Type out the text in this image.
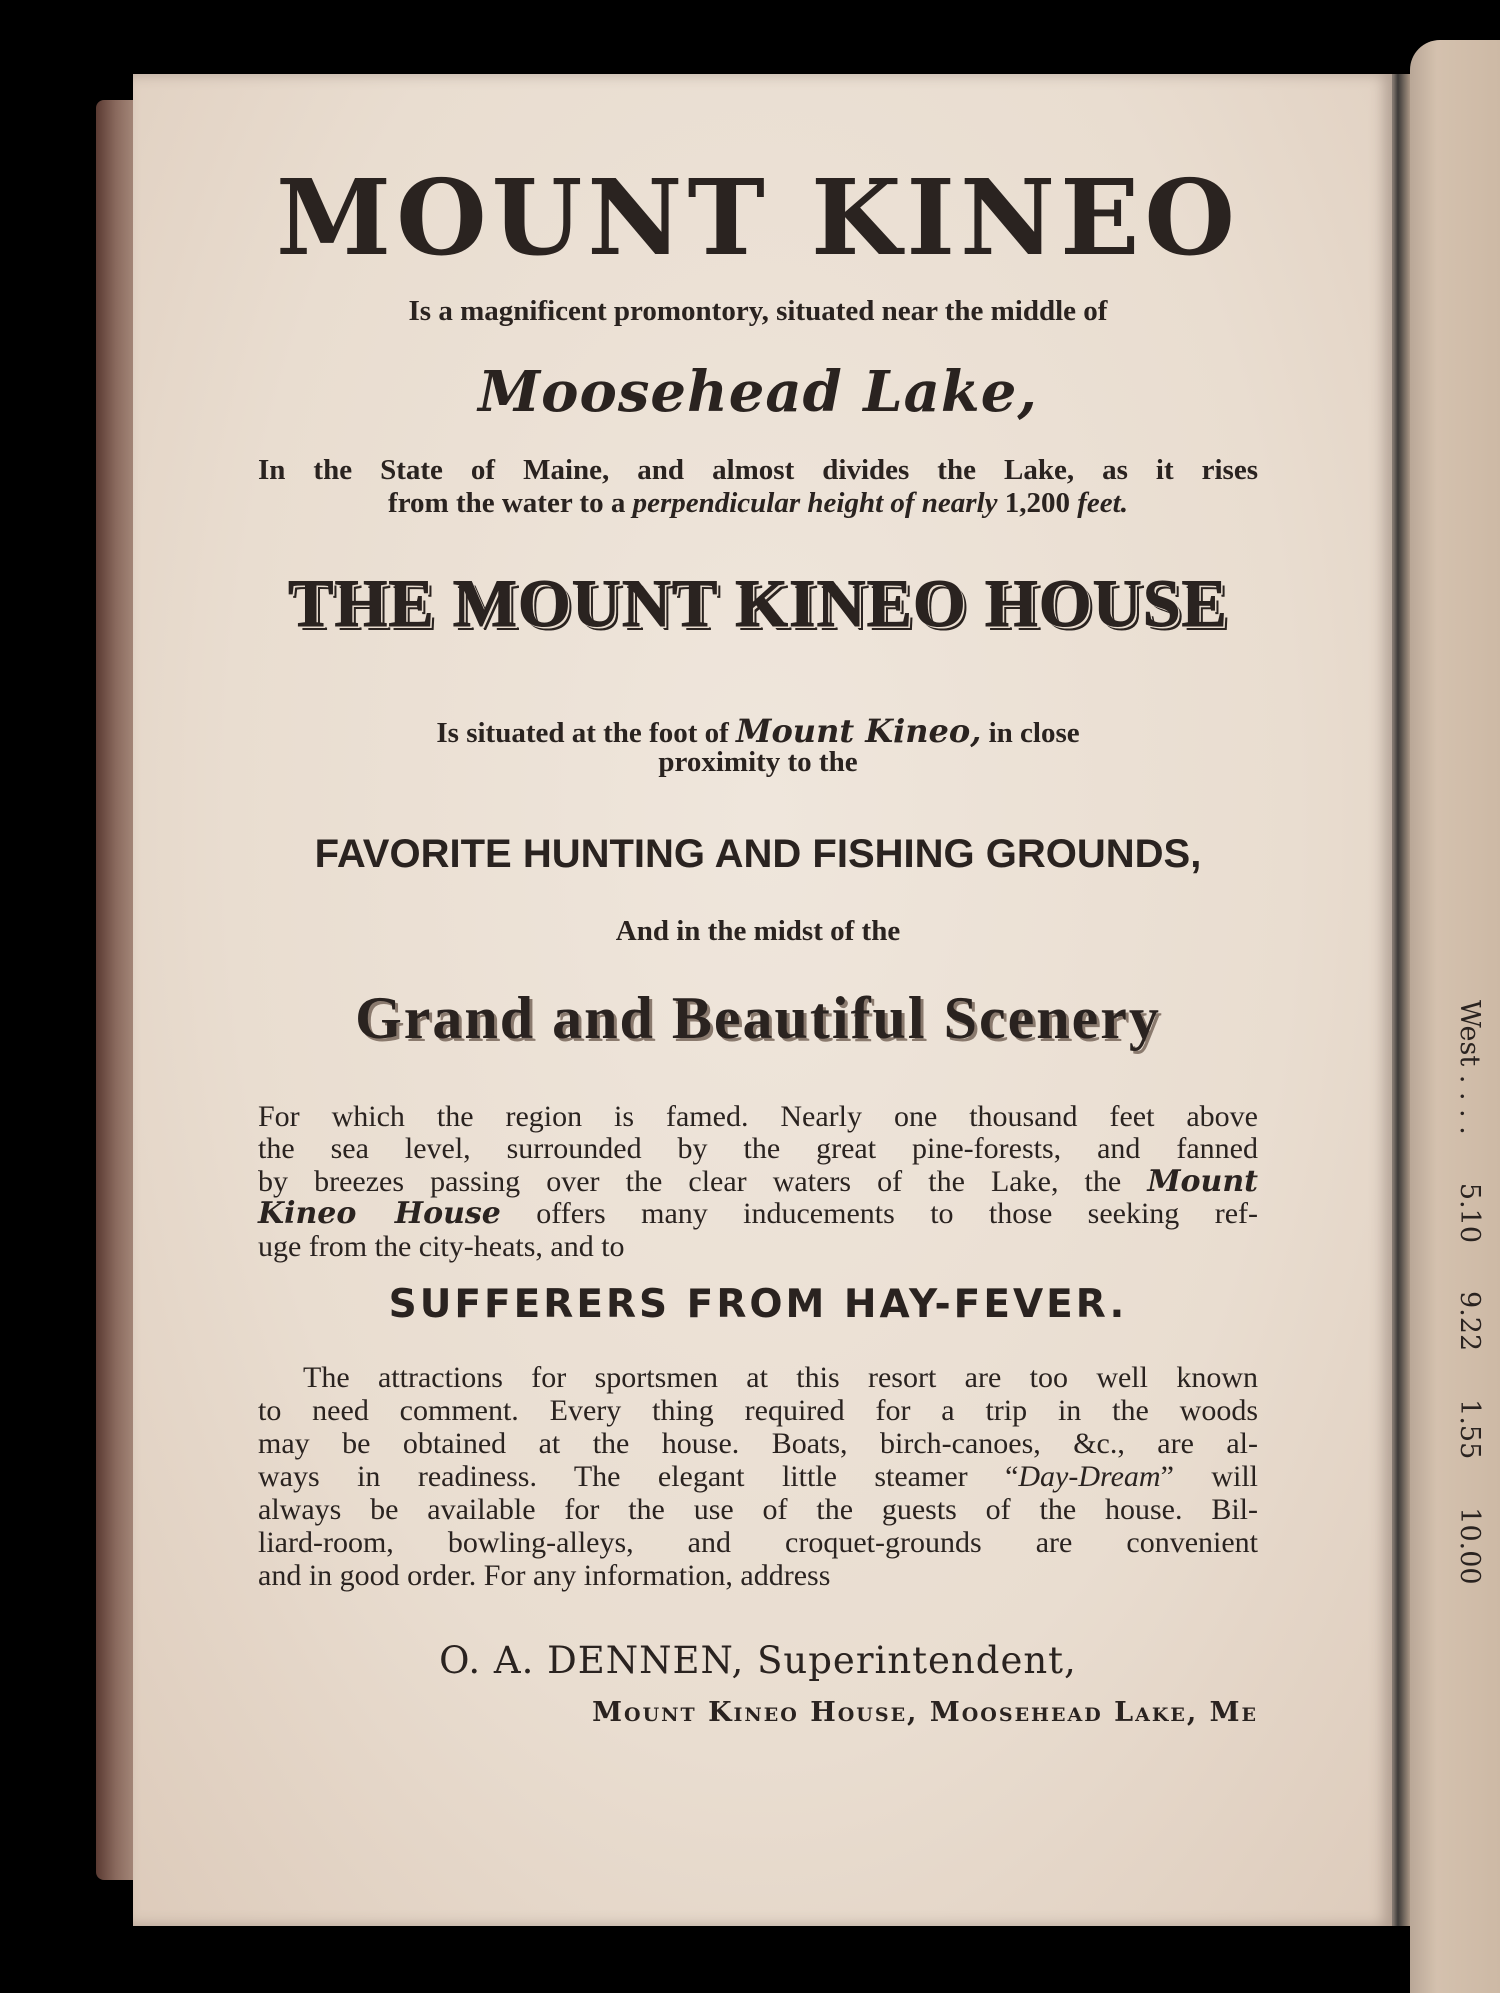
West . . . .5.109.221.5510.00
MOUNT KINEO
Is a magnificent promontory, situated near the middle of
Moosehead Lake,
In the State of Maine, and almost divides the Lake, as it rises
from the water to a perpendicular height of nearly 1,200 feet.
THE MOUNT KINEO HOUSE
Is situated at the foot of Mount Kineo, in close
proximity to the
FAVORITE HUNTING AND FISHING GROUNDS,
And in the midst of the
Grand and Beautiful Scenery
For which the region is famed. Nearly one thousand feet above
the sea level, surrounded by the great pine-forests, and fanned
by breezes passing over the clear waters of the Lake, the Mount
Kineo House offers many inducements to those seeking ref-
uge from the city-heats, and to
SUFFERERS FROM HAY-FEVER.
The attractions for sportsmen at this resort are too well known
to need comment. Every thing required for a trip in the woods
may be obtained at the house. Boats, birch-canoes, &c., are al-
ways in readiness. The elegant little steamer “Day-Dream” will
always be available for the use of the guests of the house. Bil-
liard-room, bowling-alleys, and croquet-grounds are convenient
and in good order. For any information, address
O. A. DENNEN, Superintendent,
Mount Kineo House, Moosehead Lake, Me
